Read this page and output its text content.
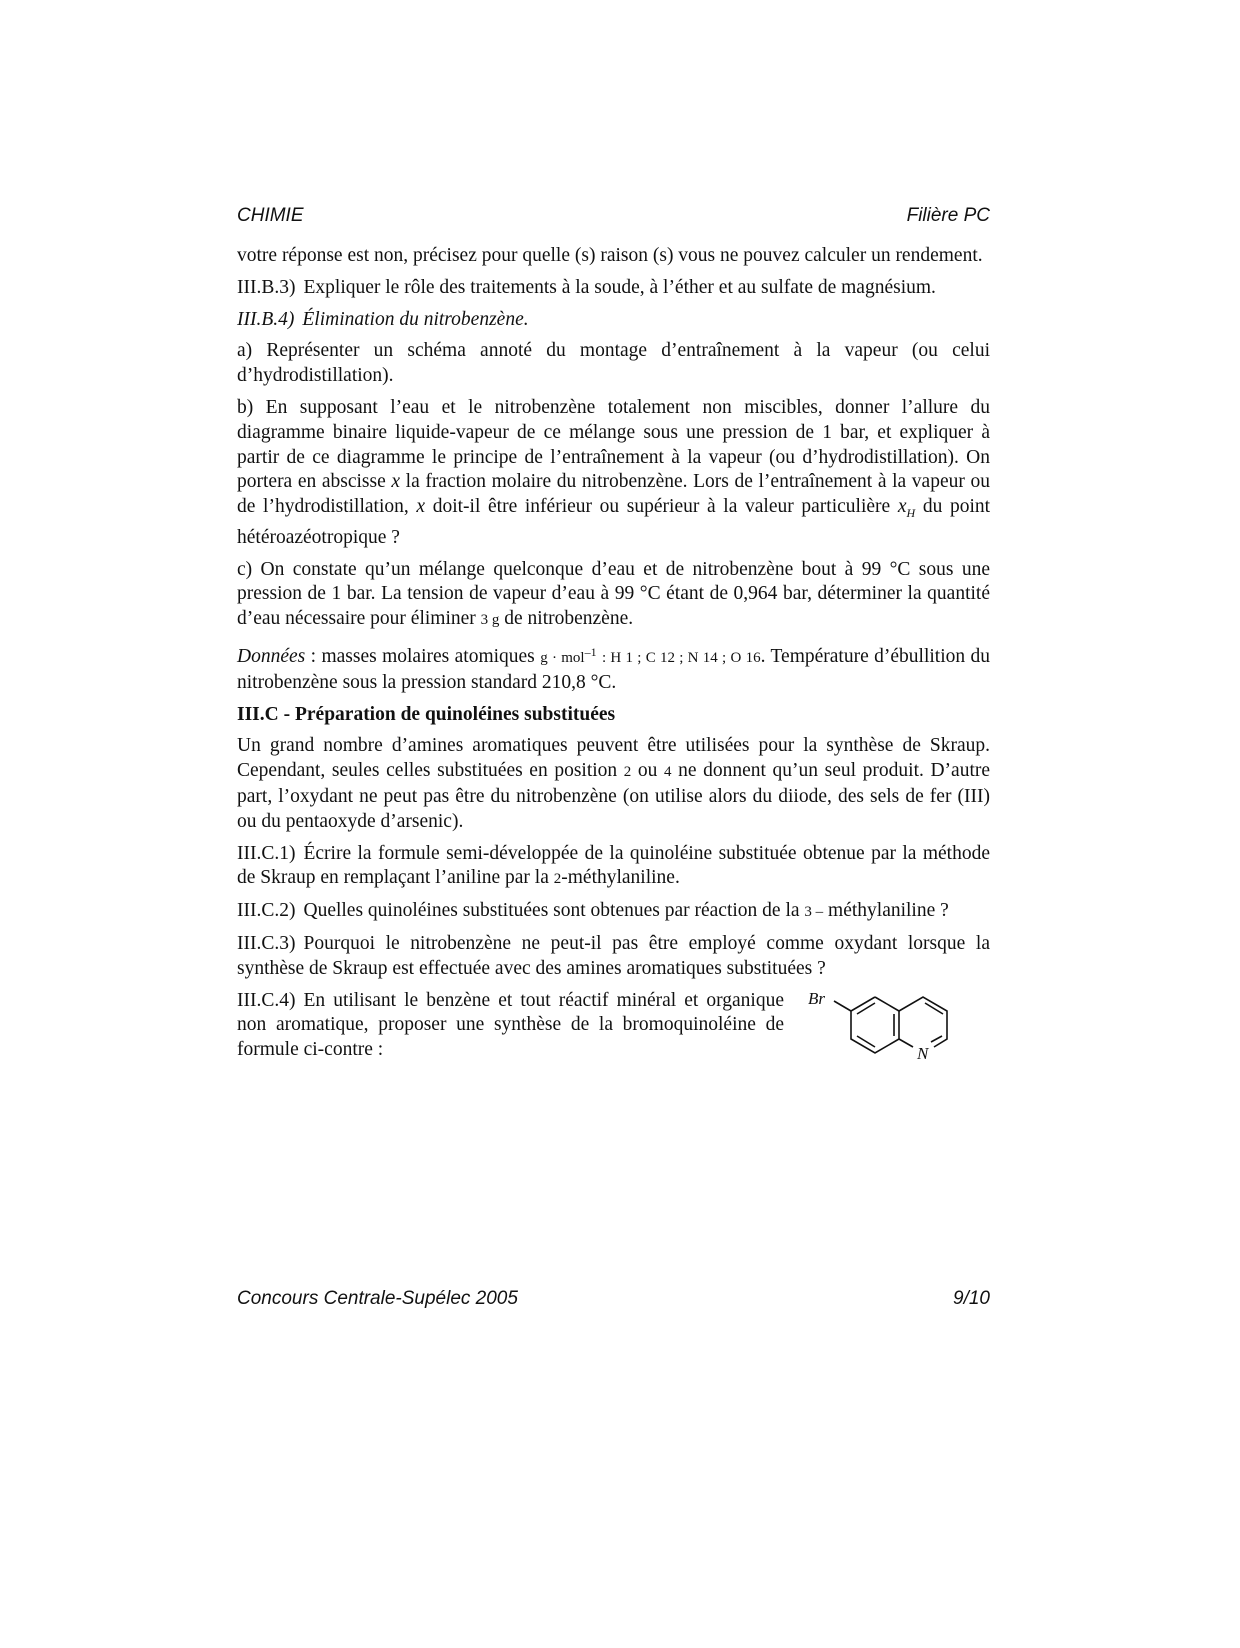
CHIMIE	Filière PC

votre réponse est non, précisez pour quelle (s) raison (s) vous ne pouvez calculer un rendement.

III.B.3) Expliquer le rôle des traitements à la soude, à l’éther et au sulfate de magnésium.

III.B.4) Élimination du nitrobenzène.

a) Représenter un schéma annoté du montage d’entraînement à la vapeur (ou celui d’hydrodistillation).

b) En supposant l’eau et le nitrobenzène totalement non miscibles, donner l’allure du diagramme binaire liquide-vapeur de ce mélange sous une pression de 1 bar, et expliquer à partir de ce diagramme le principe de l’entraînement à la vapeur (ou d’hydrodistillation). On portera en abscisse x la fraction molaire du nitrobenzène. Lors de l’entraînement à la vapeur ou de l’hydrodistillation, x doit-il être inférieur ou supérieur à la valeur particulière $x_H$ du point hétéroazéotropique ?

c) On constate qu’un mélange quelconque d’eau et de nitrobenzène bout à 99 °C sous une pression de 1 bar. La tension de vapeur d’eau à 99 °C étant de 0,964 bar, déterminer la quantité d’eau nécessaire pour éliminer 3 g de nitrobenzène.

Données : masses molaires atomiques g · mol$^{-1}$ : H 1 ; C 12 ; N 14 ; O 16. Température d’ébullition du nitrobenzène sous la pression standard 210,8 °C.

III.C - Préparation de quinoléines substituées

Un grand nombre d’amines aromatiques peuvent être utilisées pour la synthèse de Skraup. Cependant, seules celles substituées en position 2 ou 4 ne donnent qu’un seul produit. D’autre part, l’oxydant ne peut pas être du nitrobenzène (on utilise alors du diiode, des sels de fer (III) ou du pentaoxyde d’arsenic).

III.C.1) Écrire la formule semi-développée de la quinoléine substituée obtenue par la méthode de Skraup en remplaçant l’aniline par la 2-méthylaniline.

III.C.2) Quelles quinoléines substituées sont obtenues par réaction de la 3 – méthylaniline ?

III.C.3) Pourquoi le nitrobenzène ne peut-il pas être employé comme oxydant lorsque la synthèse de Skraup est effectuée avec des amines aromatiques substituées ?

III.C.4) En utilisant le benzène et tout réactif minéral et organique non aromatique, proposer une synthèse de la bromoquinoléine de formule ci-contre :

Br
N
Concours Centrale-Supélec 2005	9/10
